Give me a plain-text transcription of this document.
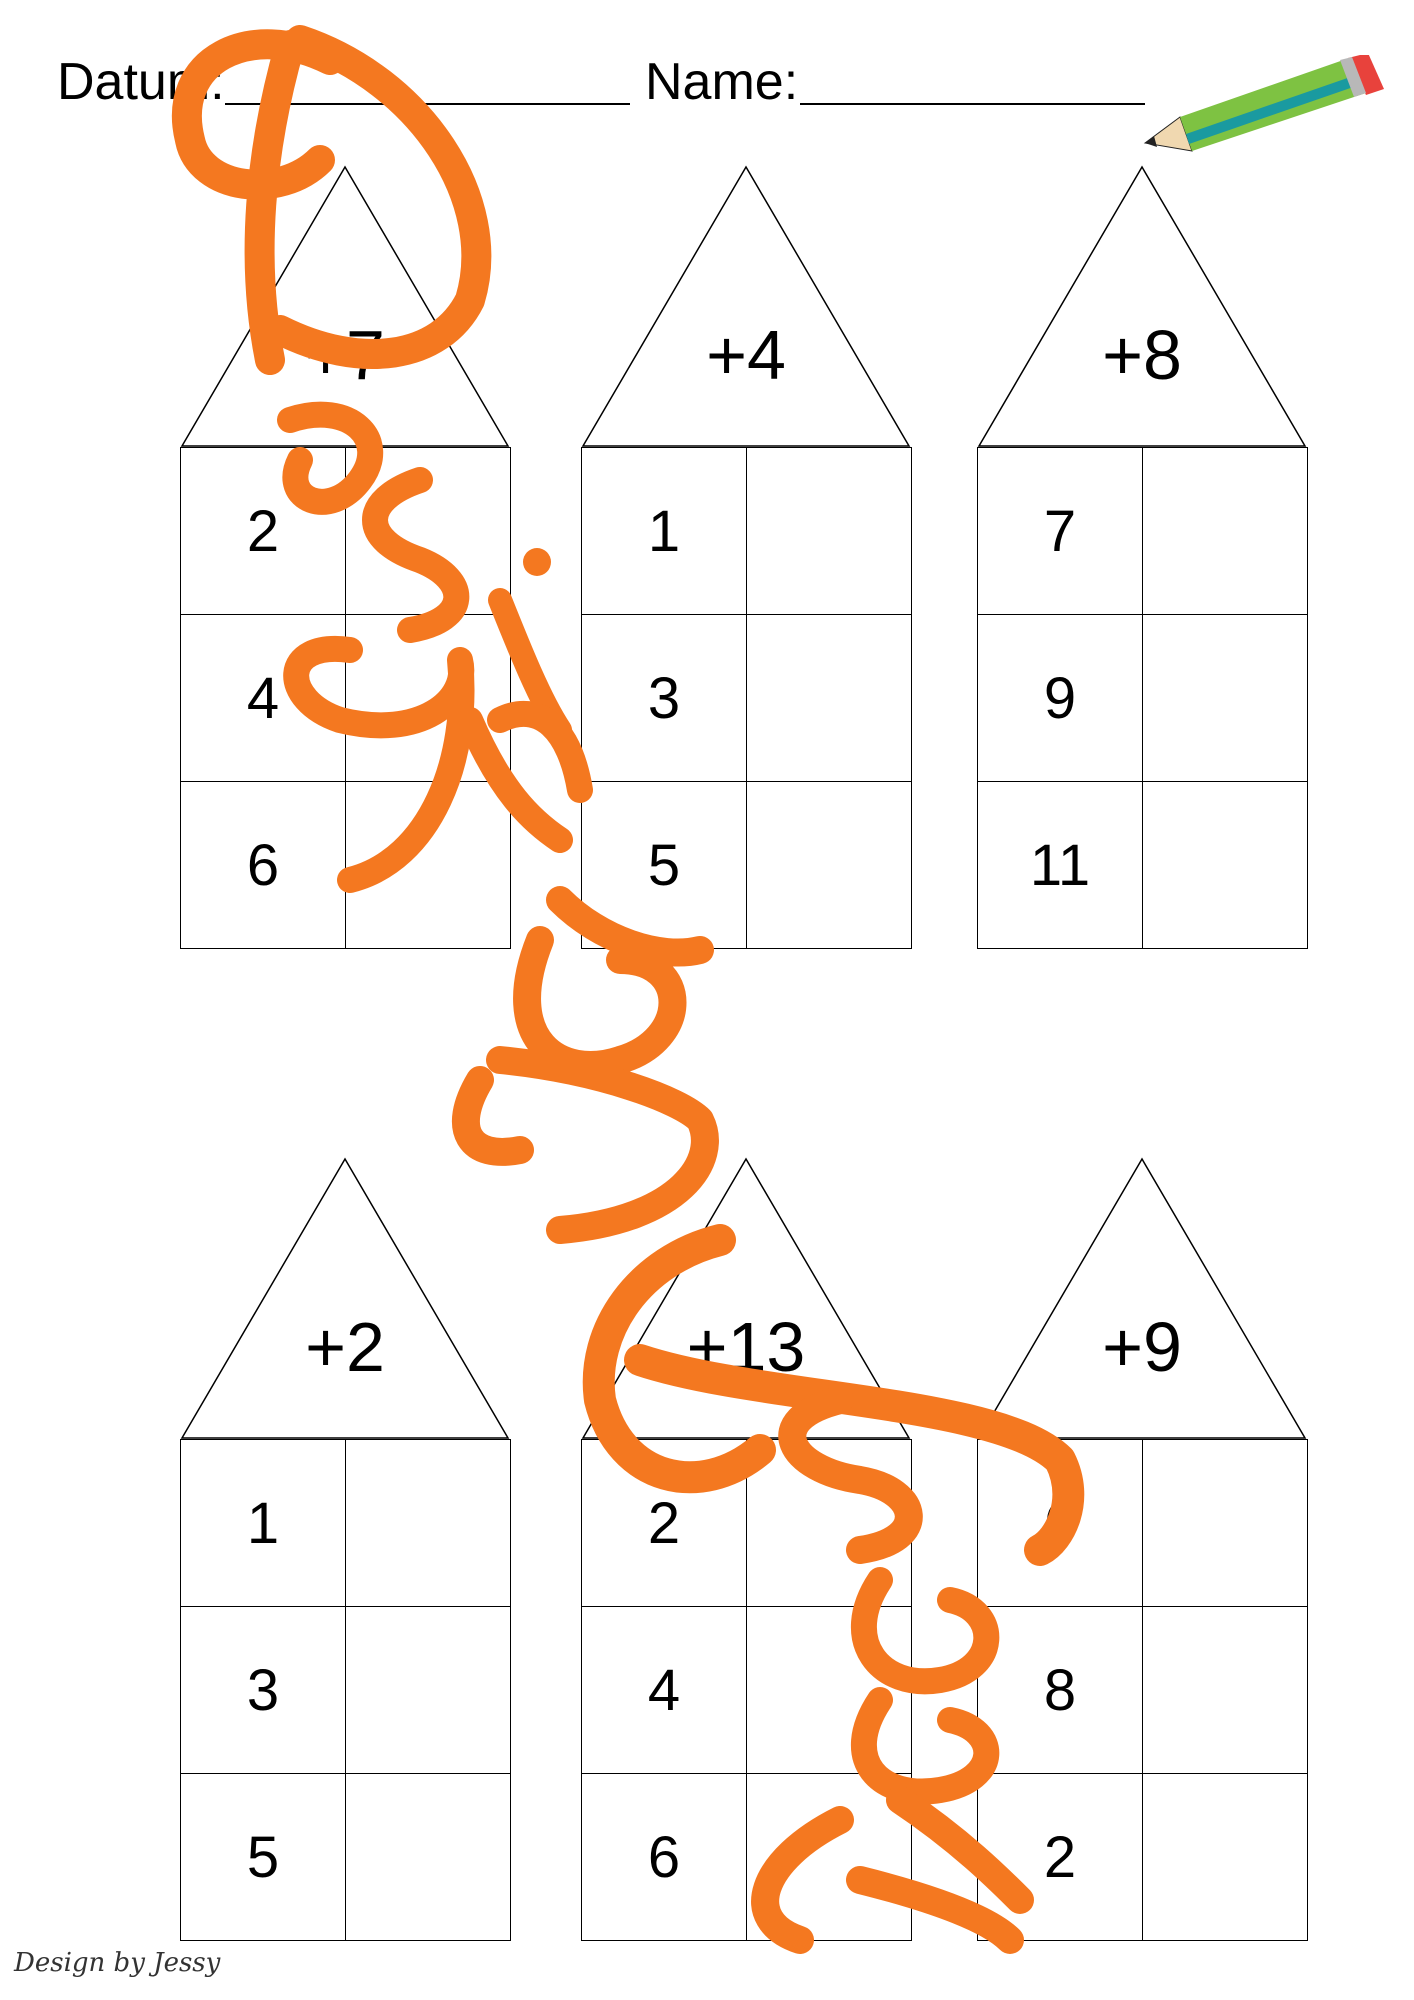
Datum:	Name:
+7
2	
4	
6	
+4
1	
3	
5	
+8
7	
9	
11	
+2
1	
3	
5	
+13
2	
4	
6	
+9
6	
8	
2	
Design by Jessy
